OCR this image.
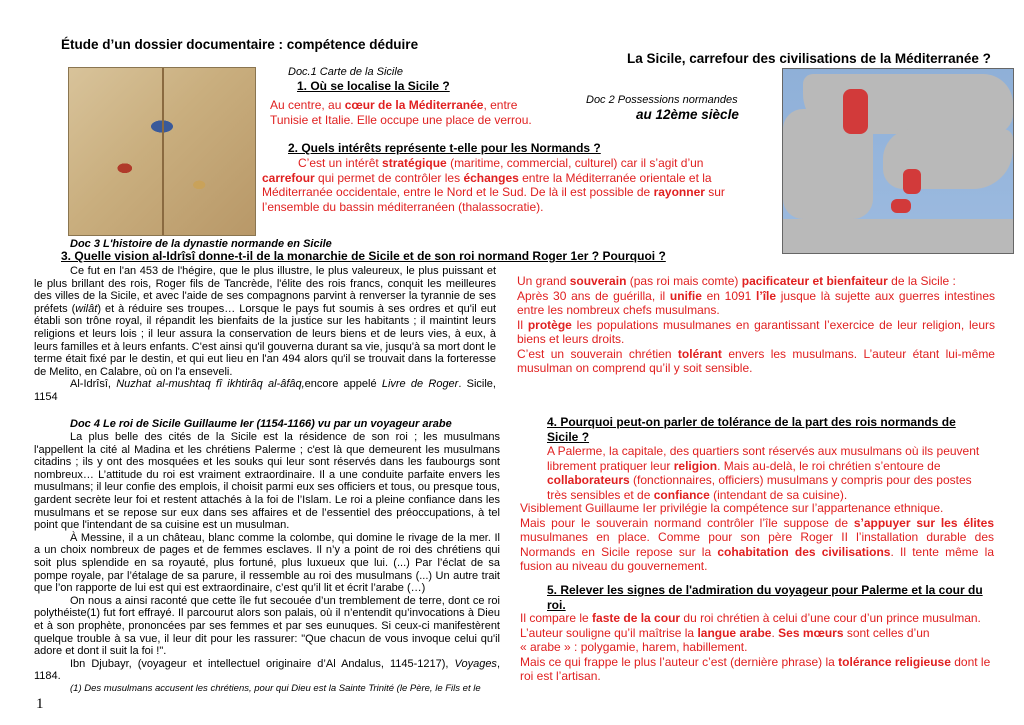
Étude d’un dossier documentaire : compétence déduire
La Sicile, carrefour des civilisations de la Méditerranée ?
Doc.1 Carte de la Sicile
1. Où se localise la Sicile ?
Au centre, au cœur de la Méditerranée, entre Tunisie et Italie. Elle occupe une place de verrou.
Doc 2 Possessions normandes
au 12ème siècle
2. Quels intérêts représente t-elle pour les Normands ?

C’est un intérêt stratégique (maritime, commercial, culturel) car il s’agit d’un carrefour qui permet de contrôler les échanges entre la Méditerranée orientale et la Méditerranée occidentale, entre le Nord et le Sud. De là il est possible de rayonner sur l’ensemble du bassin méditerranéen (thalassocratie).

Doc 3 L'histoire de la dynastie normande en Sicile
3. Quelle vision al-Idrîsî donne-t-il de la monarchie de Sicile et de son roi normand Roger 1er ? Pourquoi ?

Ce fut en l'an 453 de l'hégire, que le plus illustre, le plus valeureux, le plus puissant et le plus brillant des rois, Roger fils de Tancrède, l'élite des rois francs, conquit les meilleures des villes de la Sicile, et avec l'aide de ses compagnons parvint à renverser la tyrannie de ses préfets (wilât) et à réduire ses troupes… Lorsque le pays fut soumis à ses ordres et qu'il eut établi son trône royal, il répandit les bienfaits de la justice sur les habitants ; il maintint leurs religions et leurs lois ; il leur assura la conservation de leurs biens et de leurs vies, à eux, à leurs familles et à leurs enfants. C'est ainsi qu'il gouverna durant sa vie, jusqu'à sa mort dont le terme était fixé par le destin, et qui eut lieu en l'an 494 alors qu'il se trouvait dans la forteresse de Melito, en Calabre, où on l'a enseveli.

Al-Idrîsî, Nuzhat al-mushtaq fî ikhtirâq al-âfâq,encore appelé Livre de Roger. Sicile, 1154

Un grand souverain (pas roi mais comte) pacificateur et bienfaiteur de la Sicile :

Après 30 ans de guérilla, il unifie en 1091 l’île jusque là sujette aux guerres intestines entre les nombreux chefs musulmans.

Il protège les populations musulmanes en garantissant l’exercice de leur religion, leurs biens et leurs droits.

C’est un souverain chrétien tolérant envers les musulmans. L’auteur étant lui-même musulman on comprend qu’il y soit sensible.

Doc 4 Le roi de Sicile Guillaume Ier (1154-1166) vu par un voyageur arabe

La plus belle des cités de la Sicile est la résidence de son roi ; les musulmans l'appellent la cité al Madina et les chrétiens Palerme ; c'est là que demeurent les musulmans citadins ; ils y ont des mosquées et les souks qui leur sont réservés dans les faubourgs sont nombreux… L’attitude du roi est vraiment extraordinaire. Il a une conduite parfaite envers les musulmans; il leur confie des emplois, il choisit parmi eux ses officiers et tous, ou presque tous, gardent secrète leur foi et restent attachés à la foi de l’Islam. Le roi a pleine confiance dans les musulmans et se repose sur eux dans ses affaires et de l’essentiel des préoccupations, à tel point que l'intendant de sa cuisine est un musulman.

À Messine, il a un château, blanc comme la colombe, qui domine le rivage de la mer. Il a un choix nombreux de pages et de femmes esclaves. Il n’y a point de roi des chrétiens qui soit plus splendide en sa royauté, plus fortuné, plus luxueux que lui. (...) Par l’éclat de sa pompe royale, par l’étalage de sa parure, il ressemble au roi des musulmans (...) Un autre trait que l’on rapporte de lui est qui est extraordinaire, c’est qu’il lit et écrit l’arabe (…)

On nous a ainsi raconté que cette île fut secouée d’un tremblement de terre, dont ce roi polythéiste(1) fut fort effrayé. Il parcourut alors son palais, où il n’entendit qu’invocations à Dieu et à son prophète, prononcées par ses femmes et par ses eunuques. Si ceux-ci manifestèrent quelque trouble à sa vue, il leur dit pour les rassurer: "Que chacun de vous invoque celui qu'il adore et dont il suit la foi !".

Ibn Djubayr, (voyageur et intellectuel originaire d’Al Andalus, 1145-1217), Voyages, 1184.

(1) Des musulmans accusent les chrétiens, pour qui Dieu est la Sainte Trinité (le Père, le Fils et le

4. Pourquoi peut-on parler de tolérance de la part des rois normands de Sicile ?
A Palerme, la capitale, des quartiers sont réservés aux musulmans où ils peuvent librement pratiquer leur religion. Mais au-delà, le roi chrétien s’entoure de collaborateurs (fonctionnaires, officiers) musulmans y compris pour des postes très sensibles et de confiance (intendant de sa cuisine).

Visiblement Guillaume Ier privilégie la compétence sur l’appartenance ethnique.

Mais pour le souverain normand contrôler l’île suppose de s’appuyer sur les élites musulmanes en place. Comme pour son père Roger II l’installation durable des Normands en Sicile repose sur la cohabitation des civilisations. Il tente même la fusion au niveau du gouvernement.

5. Relever les signes de l'admiration du voyageur pour Palerme et la cour du roi.

Il compare le faste de la cour du roi chrétien à celui d’une cour d’un prince musulman.

L’auteur souligne qu’il maîtrise la langue arabe. Ses mœurs sont celles d’un

« arabe » : polygamie, harem, habillement.

Mais ce qui frappe le plus l’auteur c’est (dernière phrase) la tolérance religieuse dont le roi est l’artisan.

1
